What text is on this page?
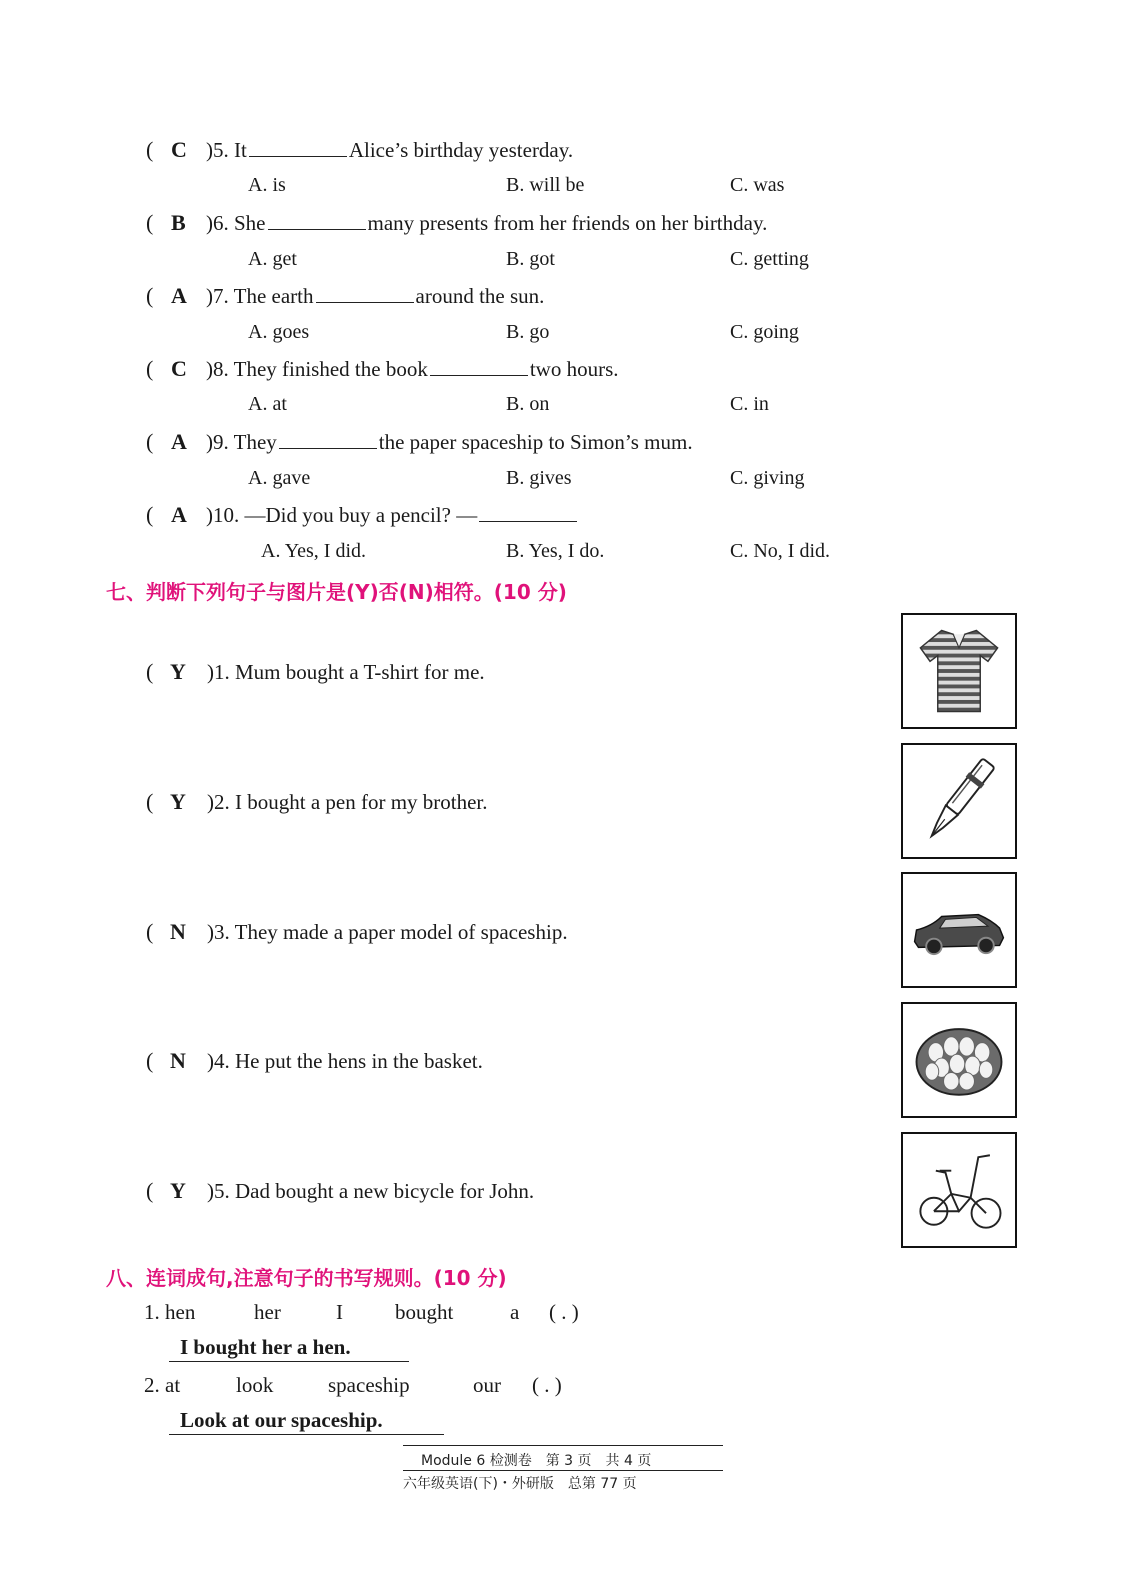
( C )5. It	Alice’s birthday yesterday.
A. is	B. will be	C. was
( B )6. She	many presents from her friends on her birthday.
A. get	B. got	C. getting
( A )7. The earth	around the sun.
A. goes	B. go	C. going
( C )8. They finished the book	two hours.
A. at	B. on	C. in
( A )9. They	the paper spaceship to Simon’s mum.
A. gave	B. gives	C. giving
( A )10. —Did you buy a pencil? —
A. Yes, I did.	B. Yes, I do.	C. No, I did.
七、判断下列句子与图片是(Y)否(N)相符。(10 分)
( Y )1. Mum bought a T-shirt for me.
( Y )2. I bought a pen for my brother.
( N )3. They made a paper model of spaceship.
( N )4. He put the hens in the basket.
( Y )5. Dad bought a new bicycle for John.
八、连词成句,注意句子的书写规则。(10 分)
1. hen	her	I bought	a ( . )
I bought her a hen.
2. at	look	spaceship	our ( . )
Look at our spaceship.
Module 6 检测卷　第 3 页　共 4 页
六年级英语(下)・外研版　总第 77 页
